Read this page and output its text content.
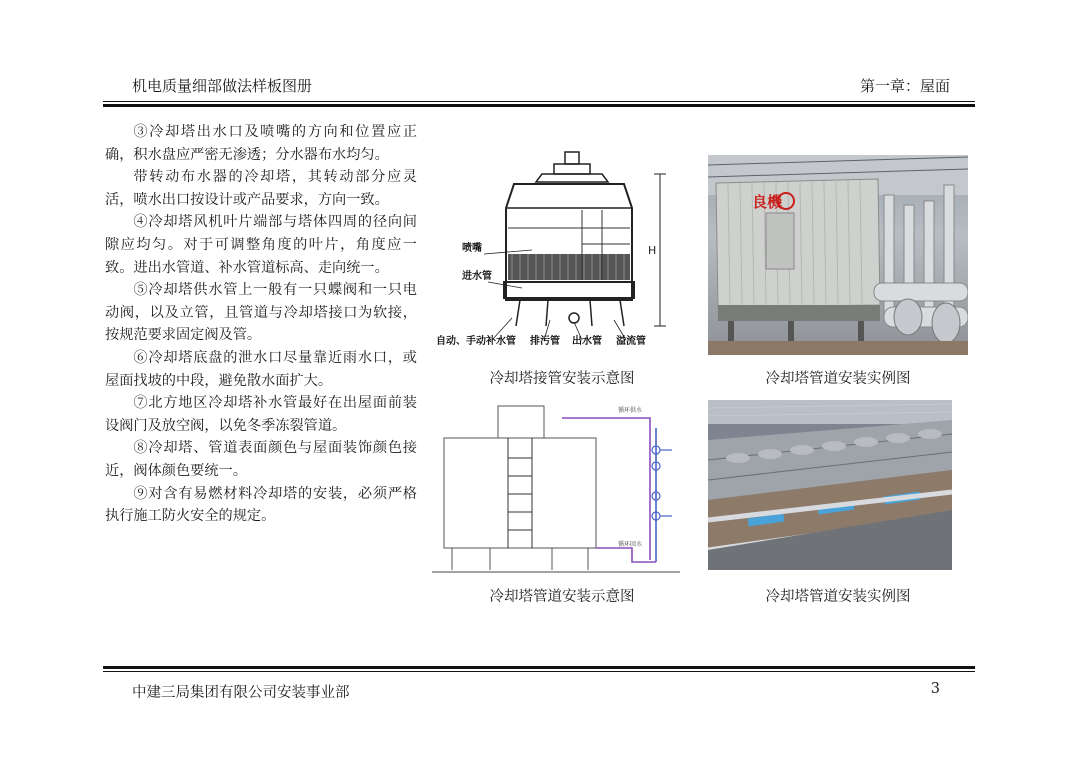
机电质量细部做法样板图册	第一章：屋面

③冷却塔出水口及喷嘴的方向和位置应正确，积水盘应严密无渗透；分水器布水均匀。

带转动布水器的冷却塔，其转动部分应灵活，喷水出口按设计或产品要求，方向一致。

④冷却塔风机叶片端部与塔体四周的径向间隙应均匀。对于可调整角度的叶片，角度应一致。进出水管道、补水管道标高、走向统一。

⑤冷却塔供水管上一般有一只蝶阀和一只电动阀，以及立管，且管道与冷却塔接口为软接，按规范要求固定阀及管。

⑥冷却塔底盘的泄水口尽量靠近雨水口，或屋面找坡的中段，避免散水面扩大。

⑦北方地区冷却塔补水管最好在出屋面前装设阀门及放空阀，以免冬季冻裂管道。

⑧冷却塔、管道表面颜色与屋面装饰颜色接近，阀体颜色要统一。

⑨对含有易燃材料冷却塔的安装，必须严格执行施工防火安全的规定。

H
喷嘴
进水管
自动、手动补水管 排污管 出水管 溢流管
冷却塔接管安装示意图
良機
冷却塔管道安装实例图
循环供水
循环回水
冷却塔管道安装示意图	冷却塔管道安装实例图
中建三局集团有限公司安装事业部	3
